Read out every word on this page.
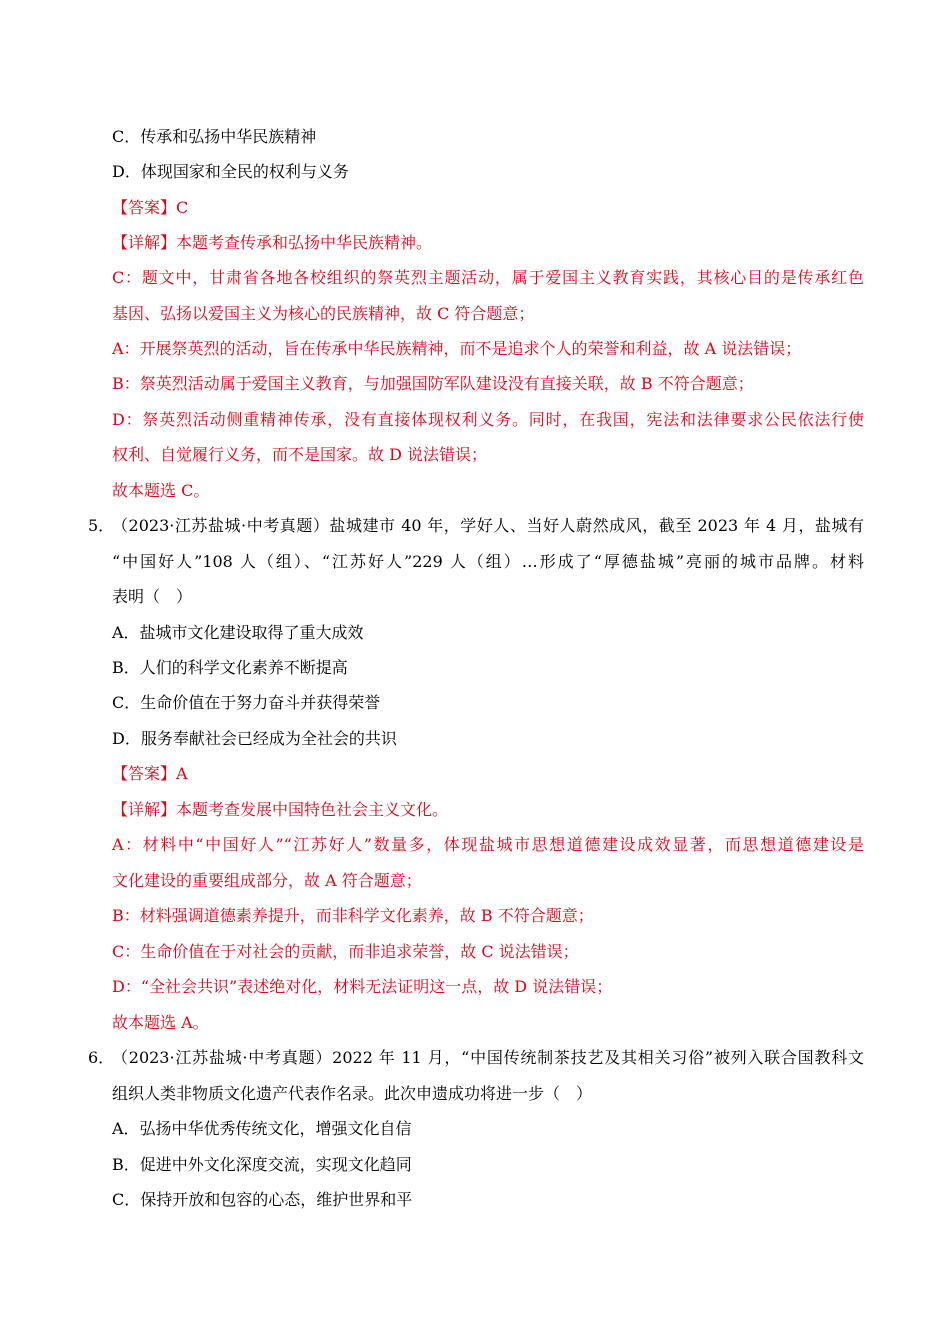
C．传承和弘扬中华民族精神
D．体现国家和全民的权利与义务
【答案】C
【详解】本题考查传承和弘扬中华民族精神。
C：题文中，甘肃省各地各校组织的祭英烈主题活动，属于爱国主义教育实践，其核心目的是传承红色
基因、弘扬以爱国主义为核心的民族精神，故 C 符合题意；
A：开展祭英烈的活动，旨在传承中华民族精神，而不是追求个人的荣誉和利益，故 A 说法错误；
B：祭英烈活动属于爱国主义教育，与加强国防军队建设没有直接关联，故 B 不符合题意；
D：祭英烈活动侧重精神传承，没有直接体现权利义务。同时，在我国，宪法和法律要求公民依法行使
权利、自觉履行义务，而不是国家。故 D 说法错误；
故本题选 C。
5．
（2023·江苏盐城·中考真题）盐城建市 40 年，学好人、当好人蔚然成风，截至 2023 年 4 月，盐城有
“中国好人”108 人（组）、“江苏好人”229 人（组）…形成了“厚德盐城”亮丽的城市品牌。材料
表明（　）
A．盐城市文化建设取得了重大成效
B．人们的科学文化素养不断提高
C．生命价值在于努力奋斗并获得荣誉
D．服务奉献社会已经成为全社会的共识
【答案】A
【详解】本题考查发展中国特色社会主义文化。
A：材料中“中国好人”“江苏好人”数量多，体现盐城市思想道德建设成效显著，而思想道德建设是
文化建设的重要组成部分，故 A 符合题意；
B：材料强调道德素养提升，而非科学文化素养，故 B 不符合题意；
C：生命价值在于对社会的贡献，而非追求荣誉，故 C 说法错误；
D：“全社会共识”表述绝对化，材料无法证明这一点，故 D 说法错误；
故本题选 A。
6．
（2023·江苏盐城·中考真题）2022 年 11 月，“中国传统制茶技艺及其相关习俗”被列入联合国教科文
组织人类非物质文化遗产代表作名录。此次申遗成功将进一步（　）
A．弘扬中华优秀传统文化，增强文化自信
B．促进中外文化深度交流，实现文化趋同
C．保持开放和包容的心态，维护世界和平
